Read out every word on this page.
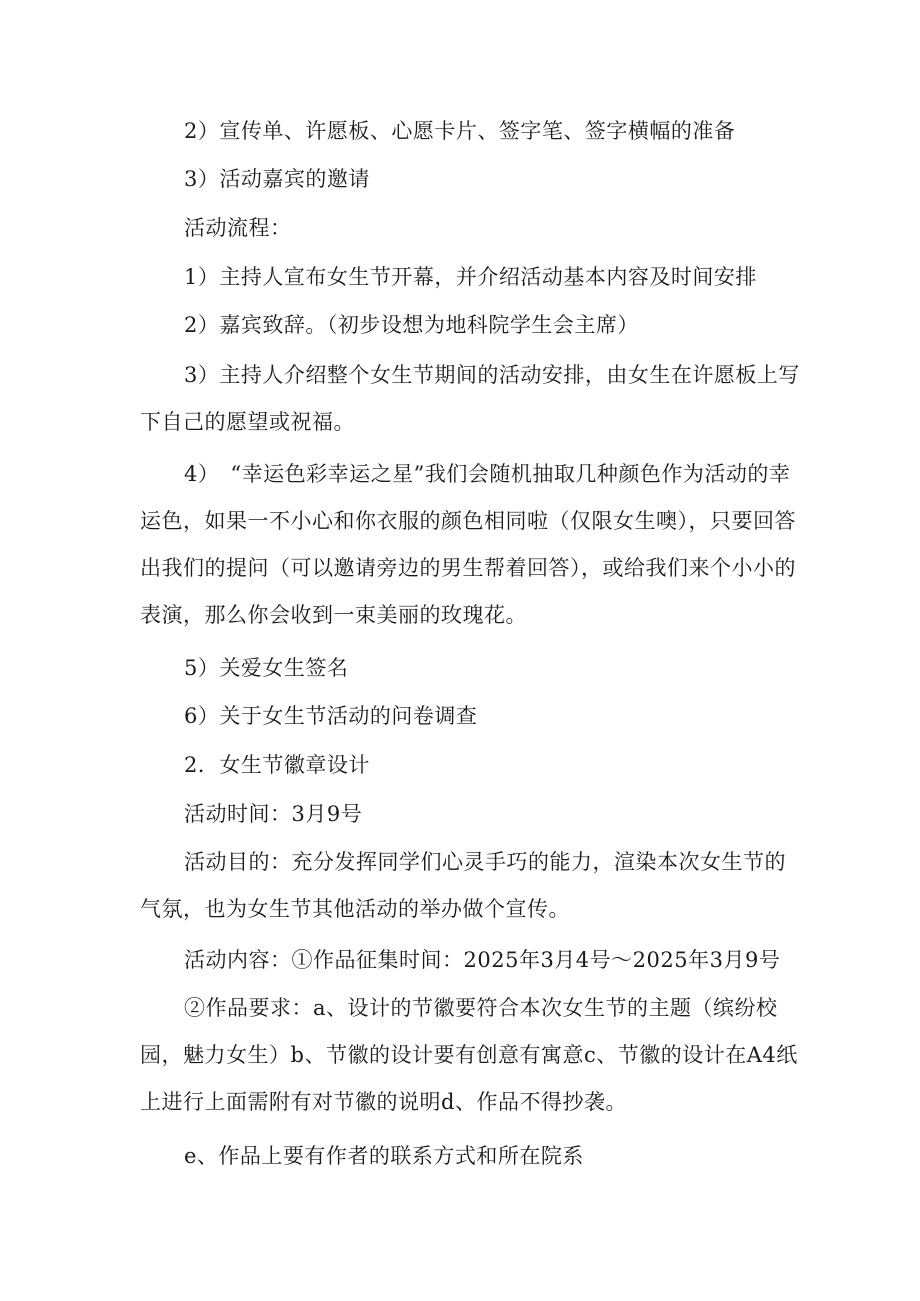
2）宣传单、许愿板、心愿卡片、签字笔、签字横幅的准备

3）活动嘉宾的邀请

活动流程：

1）主持人宣布女生节开幕，并介绍活动基本内容及时间安排

2）嘉宾致辞。（初步设想为地科院学生会主席）

3）主持人介绍整个女生节期间的活动安排，由女生在许愿板上写下自己的愿望或祝福。

4）　“幸运色彩幸运之星”我们会随机抽取几种颜色作为活动的幸运色，如果一不小心和你衣服的颜色相同啦（仅限女生噢），只要回答出我们的提问（可以邀请旁边的男生帮着回答），或给我们来个小小的表演，那么你会收到一束美丽的玫瑰花。

5）关爱女生签名

6）关于女生节活动的问卷调查

2．女生节徽章设计

活动时间：3月9号

活动目的：充分发挥同学们心灵手巧的能力，渲染本次女生节的气氛，也为女生节其他活动的举办做个宣传。

活动内容：①作品征集时间：2025年3月4号～2025年3月9号

②作品要求：a、设计的节徽要符合本次女生节的主题（缤纷校园，魅力女生）b、节徽的设计要有创意有寓意c、节徽的设计在A4纸上进行上面需附有对节徽的说明d、作品不得抄袭。

e、作品上要有作者的联系方式和所在院系
